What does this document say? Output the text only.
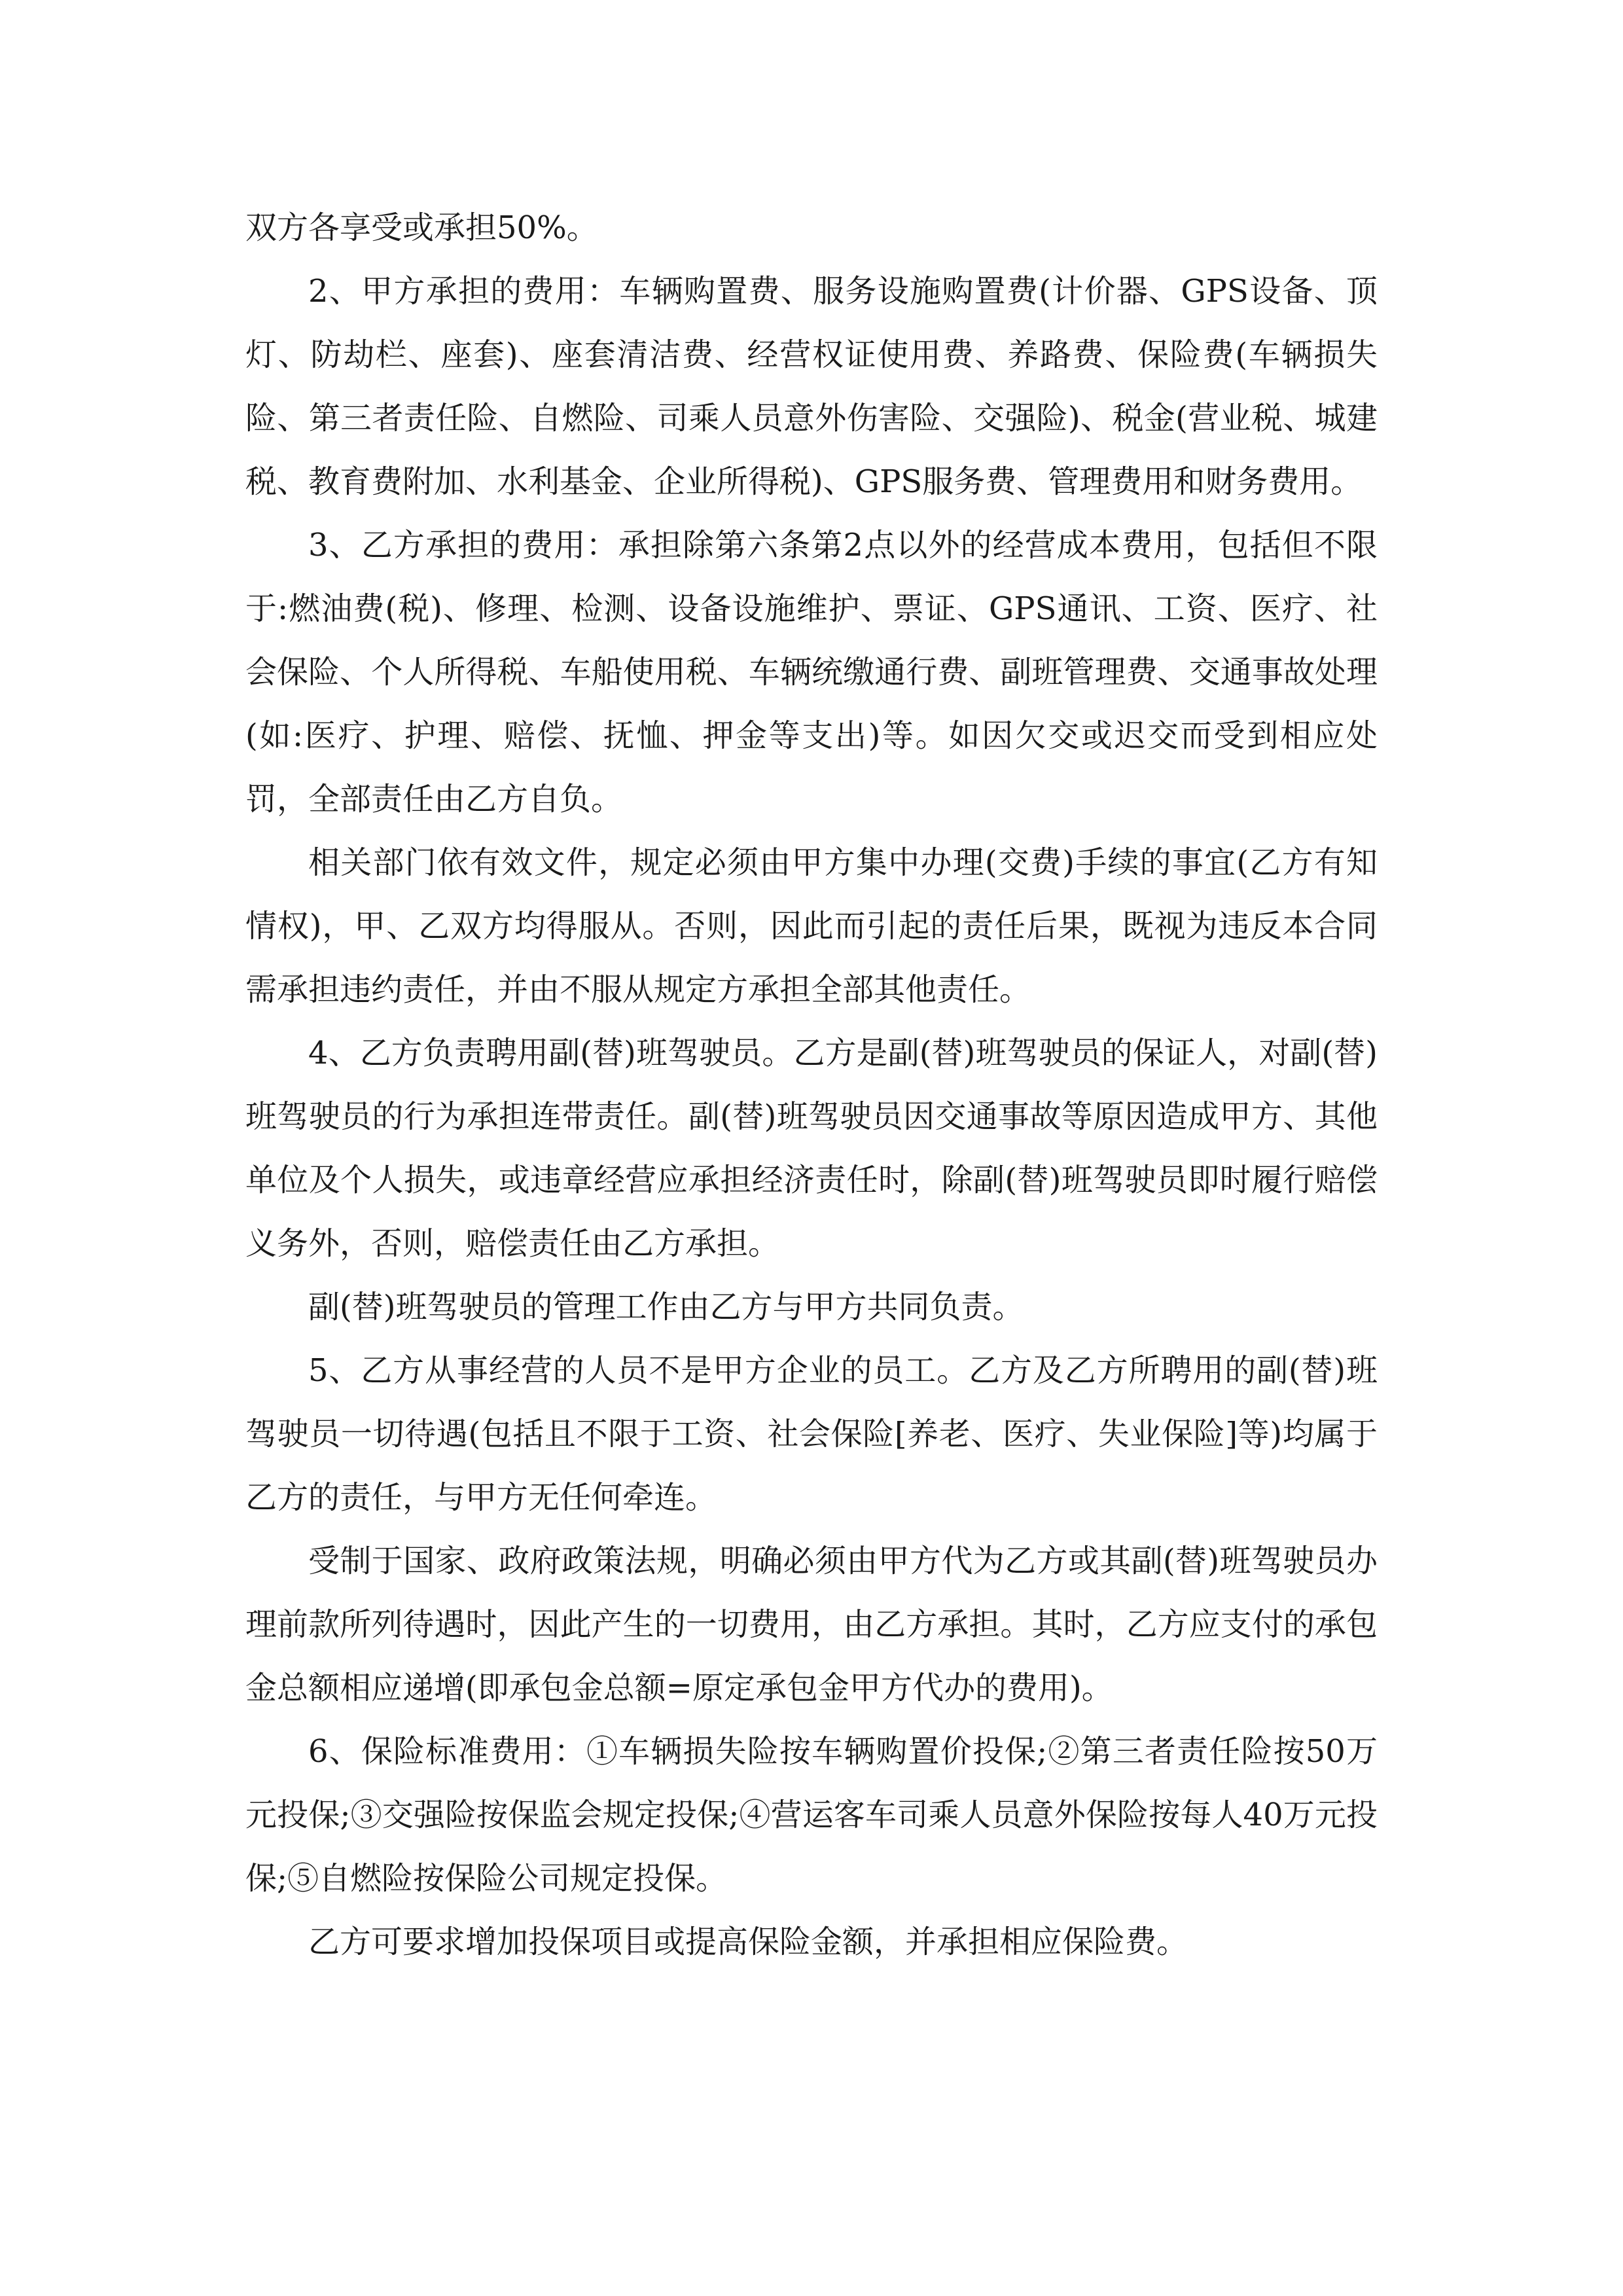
双方各享受或承担50%。

2、甲方承担的费用：车辆购置费、服务设施购置费(计价器、GPS设备、顶灯、防劫栏、座套)、座套清洁费、经营权证使用费、养路费、保险费(车辆损失险、第三者责任险、自燃险、司乘人员意外伤害险、交强险)、税金(营业税、城建税、教育费附加、水利基金、企业所得税)、GPS服务费、管理费用和财务费用。

3、乙方承担的费用：承担除第六条第2点以外的经营成本费用，包括但不限于:燃油费(税)、修理、检测、设备设施维护、票证、GPS通讯、工资、医疗、社会保险、个人所得税、车船使用税、车辆统缴通行费、副班管理费、交通事故处理(如:医疗、护理、赔偿、抚恤、押金等支出)等。如因欠交或迟交而受到相应处罚，全部责任由乙方自负。

相关部门依有效文件，规定必须由甲方集中办理(交费)手续的事宜(乙方有知情权)，甲、乙双方均得服从。否则，因此而引起的责任后果，既视为违反本合同需承担违约责任，并由不服从规定方承担全部其他责任。

4、乙方负责聘用副(替)班驾驶员。乙方是副(替)班驾驶员的保证人，对副(替)班驾驶员的行为承担连带责任。副(替)班驾驶员因交通事故等原因造成甲方、其他单位及个人损失，或违章经营应承担经济责任时，除副(替)班驾驶员即时履行赔偿义务外，否则，赔偿责任由乙方承担。

副(替)班驾驶员的管理工作由乙方与甲方共同负责。

5、乙方从事经营的人员不是甲方企业的员工。乙方及乙方所聘用的副(替)班驾驶员一切待遇(包括且不限于工资、社会保险[养老、医疗、失业保险]等)均属于乙方的责任，与甲方无任何牵连。

受制于国家、政府政策法规，明确必须由甲方代为乙方或其副(替)班驾驶员办理前款所列待遇时，因此产生的一切费用，由乙方承担。其时，乙方应支付的承包金总额相应递增(即承包金总额=原定承包金甲方代办的费用)。

6、保险标准费用：①车辆损失险按车辆购置价投保;②第三者责任险按50万元投保;③交强险按保监会规定投保;④营运客车司乘人员意外保险按每人40万元投保;⑤自燃险按保险公司规定投保。

乙方可要求增加投保项目或提高保险金额，并承担相应保险费。
